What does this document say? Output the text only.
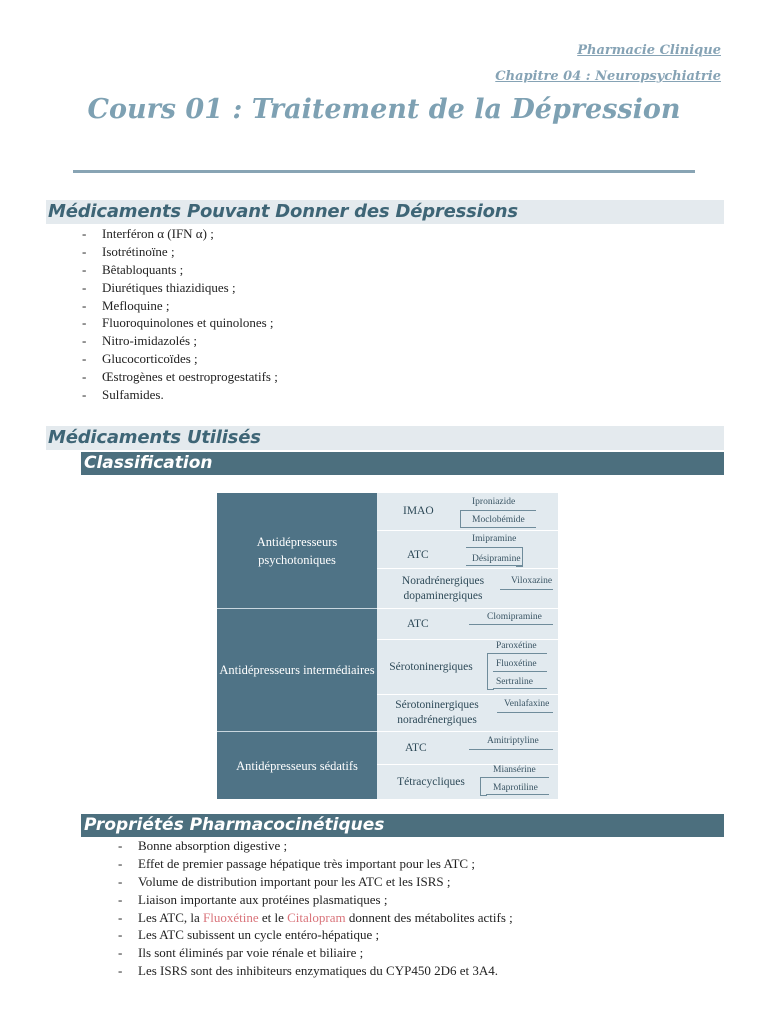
Pharmacie Clinique
Chapitre 04 : Neuropsychiatrie
Cours 01 : Traitement de la Dépression
Médicaments Pouvant Donner des Dépressions
- Interféron α (IFN α) ;
- Isotrétinoïne ;
- Bêtabloquants ;
- Diurétiques thiazidiques ;
- Mefloquine ;
- Fluoroquinolones et quinolones ;
- Nitro-imidazolés ;
- Glucocorticoïdes ;
- Œstrogènes et oestroprogestatifs ;
- Sulfamides.
Médicaments Utilisés
Classification
Antidépresseurs psychotoniques
Antidépresseurs intermédiaires
Antidépresseurs sédatifs
IMAO
ATC
Noradrénergiques dopaminergiques
ATC
Sérotoninergiques
Sérotoninergiques noradrénergiques
ATC
Tétracycliques
Iproniazide
Moclobémide
Imipramine
Désipramine
Viloxazine
Clomipramine
Paroxétine
Fluoxétine
Sertraline
Venlafaxine
Amitriptyline
Miansérine
Maprotiline
Propriétés Pharmacocinétiques
- Bonne absorption digestive ;
- Effet de premier passage hépatique très important pour les ATC ;
- Volume de distribution important pour les ATC et les ISRS ;
- Liaison importante aux protéines plasmatiques ;
- Les ATC, la Fluoxétine et le Citalopram donnent des métabolites actifs ;
- Les ATC subissent un cycle entéro-hépatique ;
- Ils sont éliminés par voie rénale et biliaire ;
- Les ISRS sont des inhibiteurs enzymatiques du CYP450 2D6 et 3A4.
